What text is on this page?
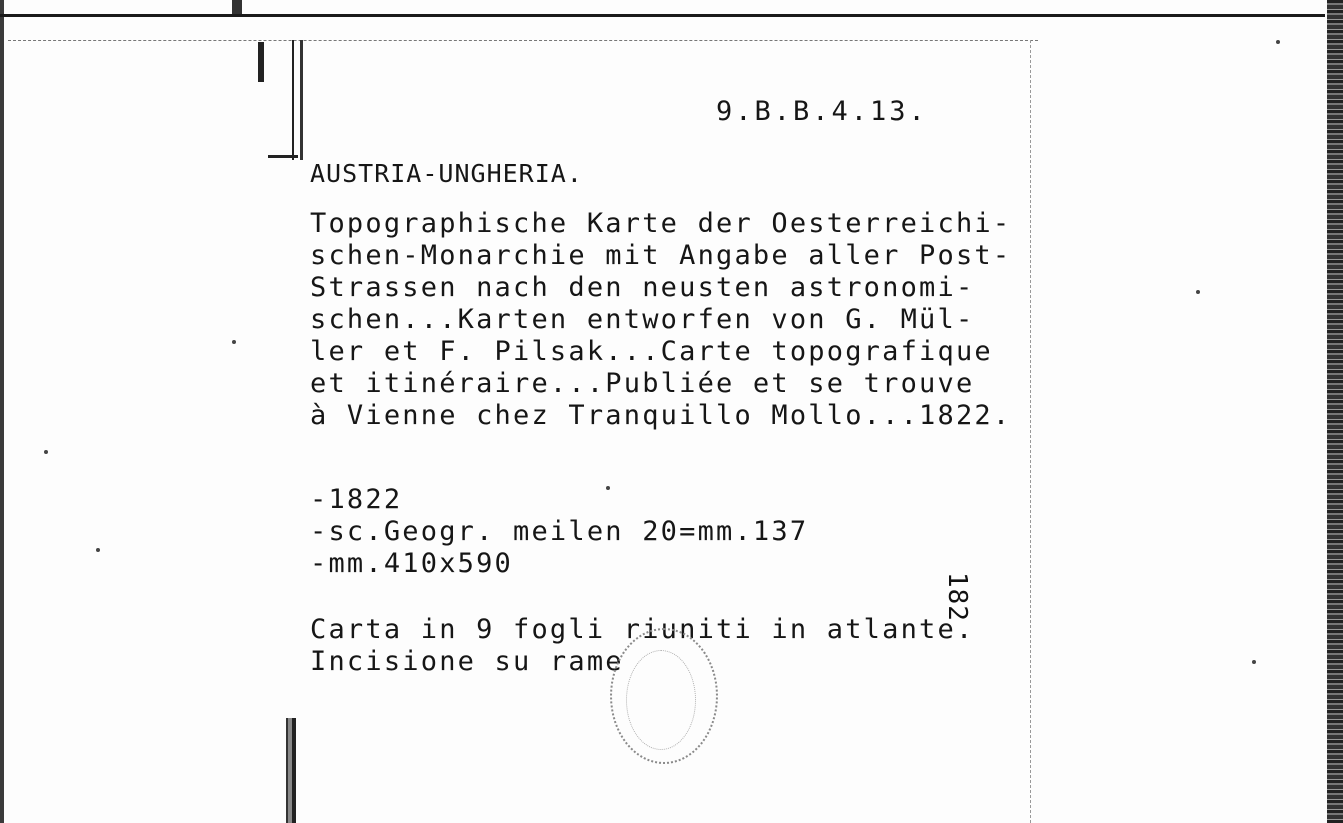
9.B.B.4.13.
AUSTRIA-UNGHERIA.
Topographische Karte der Oesterreichi-
schen-Monarchie mit Angabe aller Post-
Strassen nach den neusten astronomi-
schen...Karten entworfen von G. Mül-
ler et F. Pilsak...Carte topografique
et itinéraire...Publiée et se trouve
à Vienne chez Tranquillo Mollo...1822.
-1822
-sc.Geogr. meilen 20=mm.137
-mm.410x590
Carta in 9 fogli riuniti in atlante.
Incisione su rame
182
